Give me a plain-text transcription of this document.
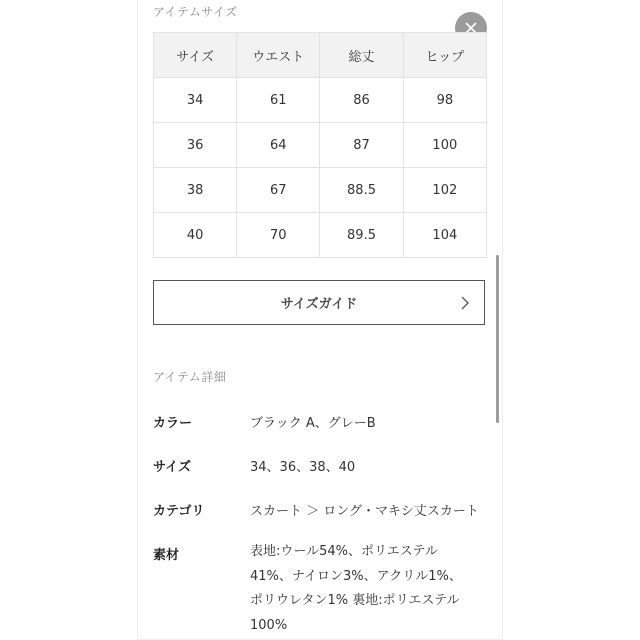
アイテムサイズ
サイズ	ウエスト	総丈	ヒップ
34	61	86	98
36	64	87	100
38	67	88.5	102
40	70	89.5	104
サイズガイド
アイテム詳細
カラー	ブラック A、グレーB
サイズ	34、36、38、40
カテゴリ	スカート ＞ ロング・マキシ丈スカート
素材	表地:ウール54%、ポリエステル
41%、ナイロン3%、アクリル1%、
ポリウレタン1% 裏地:ポリエステル
100%
